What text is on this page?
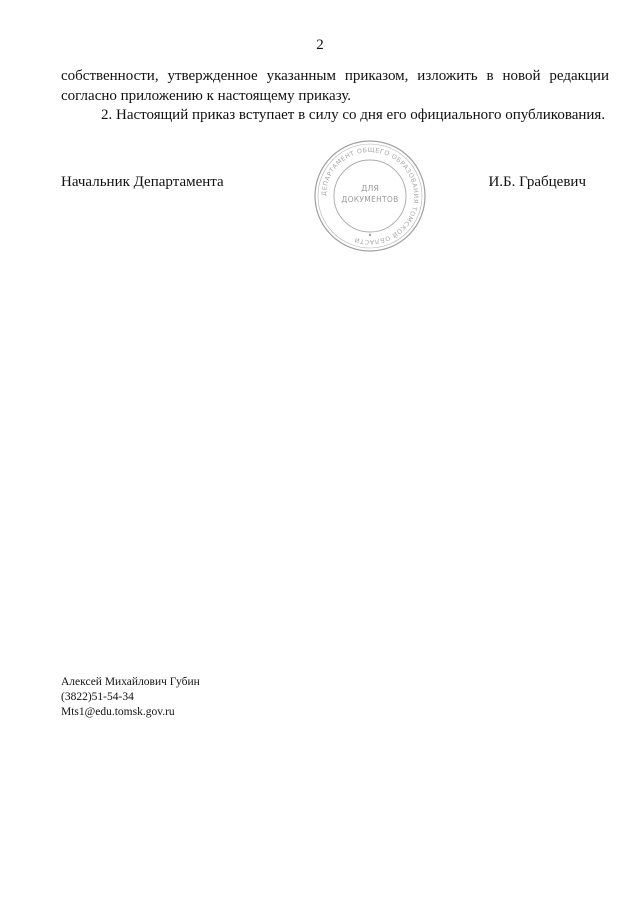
2

собственности, утвержденное указанным приказом, изложить в новой редакции согласно приложению к настоящему приказу.

2. Настоящий приказ вступает в силу со дня его официального опубликования.

Начальник Департамента
ДЕПАРТАМЕНТ ОБЩЕГО ОБРАЗОВАНИЯ ТОМСКОЙ ОБЛАСТИ
ДЛЯ
ДОКУМЕНТОВ
И.Б. Грабцевич
Алексей Михайлович Губин
(3822)51-54-34
Mts1@edu.tomsk.gov.ru
